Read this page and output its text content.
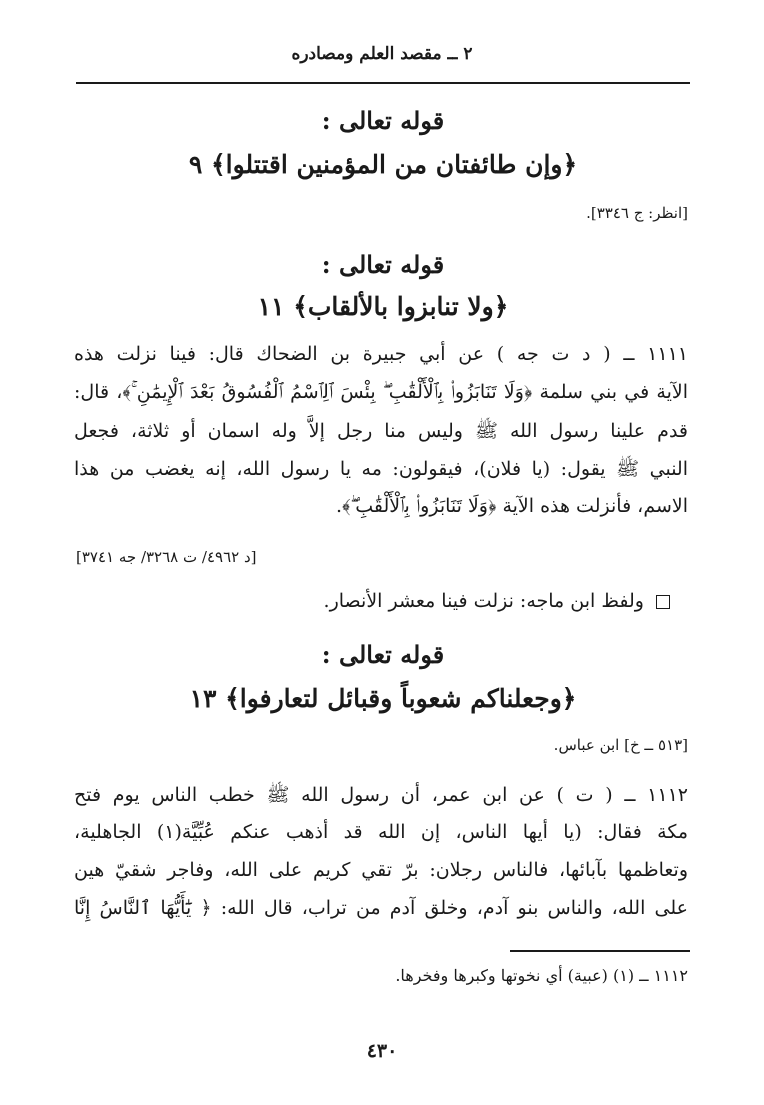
٢ ــ مقصد العلم ومصادره
قوله تعالى :
﴿وإن طائفتان من المؤمنين اقتتلوا﴾ ٩
[انظر: ج ٣٣٤٦].
قوله تعالى :
﴿ولا تنابزوا بالألقاب﴾ ١١
١١١١ ــ ( د ت جه ) عن أبي جبيرة بن الضحاك قال: فينا نزلت هذه
الآية في بني سلمة ﴿وَلَا تَنَابَزُوا۟ بِٱلْأَلْقَٰبِ ۖ بِئْسَ ٱلِٱسْمُ ٱلْفُسُوقُ بَعْدَ ٱلْإِيمَٰنِ ۚ﴾، قال:
قدم علينا رسول الله ﷺ وليس منا رجل إلاَّ وله اسمان أو ثلاثة، فجعل
النبي ﷺ يقول: (يا فلان)، فيقولون: مه يا رسول الله، إنه يغضب من هذا
الاسم، فأنزلت هذه الآية ﴿وَلَا تَنَابَزُوا۟ بِٱلْأَلْقَٰبِ ۖ﴾.
[د ٤٩٦٢/ ت ٣٢٦٨/ جه ٣٧٤١]
ولفظ ابن ماجه: نزلت فينا معشر الأنصار.
قوله تعالى :
﴿وجعلناكم شعوباً وقبائل لتعارفوا﴾ ١٣
[٥١٣ ــ خ] ابن عباس.
١١١٢ ــ ( ت ) عن ابن عمر، أن رسول الله ﷺ خطب الناس يوم فتح
مكة فقال: (يا أيها الناس، إن الله قد أذهب عنكم عُبِّيَّة(١) الجاهلية،
وتعاظمها بآبائها، فالناس رجلان: برّ تقي كريم على الله، وفاجر شقيّ هين
على الله، والناس بنو آدم، وخلق آدم من تراب، قال الله: ﴿ يَٰٓأَيُّهَا ٱلنَّاسُ إِنَّا
١١١٢ ــ (١) (عبية) أي نخوتها وكبرها وفخرها.
٤٣٠
